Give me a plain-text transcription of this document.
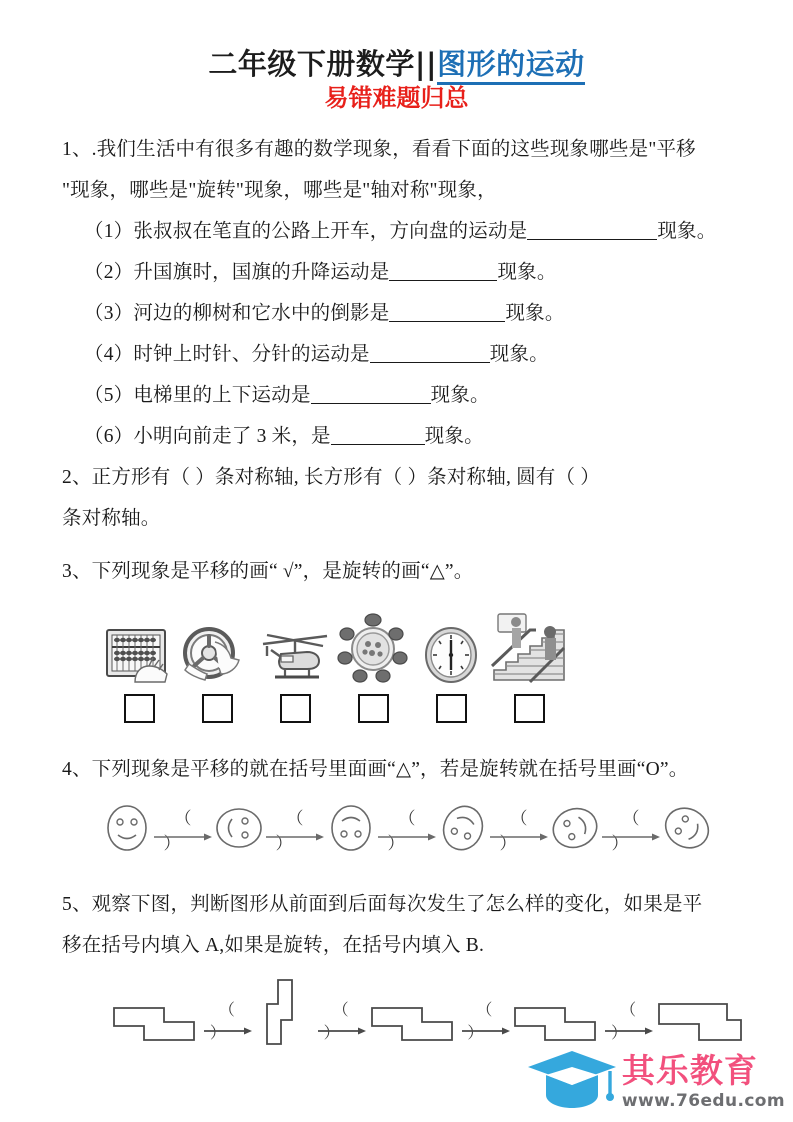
二年级下册数学||图形的运动
易错难题归总
1、.我们生活中有很多有趣的数学现象，看看下面的这些现象哪些是"平移
"现象，哪些是"旋转"现象，哪些是"轴对称"现象，
（1）张叔叔在笔直的公路上开车，方向盘的运动是	现象。
（2）升国旗时，国旗的升降运动是	现象。
（3）河边的柳树和它水中的倒影是	现象。
（4）时钟上时针、分针的运动是	现象。
（5）电梯里的上下运动是	现象。
（6）小明向前走了 3 米，是	现象。
2、正方形有（ ）条对称轴, 长方形有（ ）条对称轴, 圆有（ ）
条对称轴。
3、下列现象是平移的画“ √”，是旋转的画“△”。
4、下列现象是平移的就在括号里面画“△”，若是旋转就在括号里画“O”。
（ ）
（ ）
（ ）
（ ）
（ ）
5、观察下图，判断图形从前面到后面每次发生了怎么样的变化，如果是平
移在括号内填入 A,如果是旋转，在括号内填入 B.
（ ）
（ ）
（ ）
（ ）
其乐教育
www.76edu.com
